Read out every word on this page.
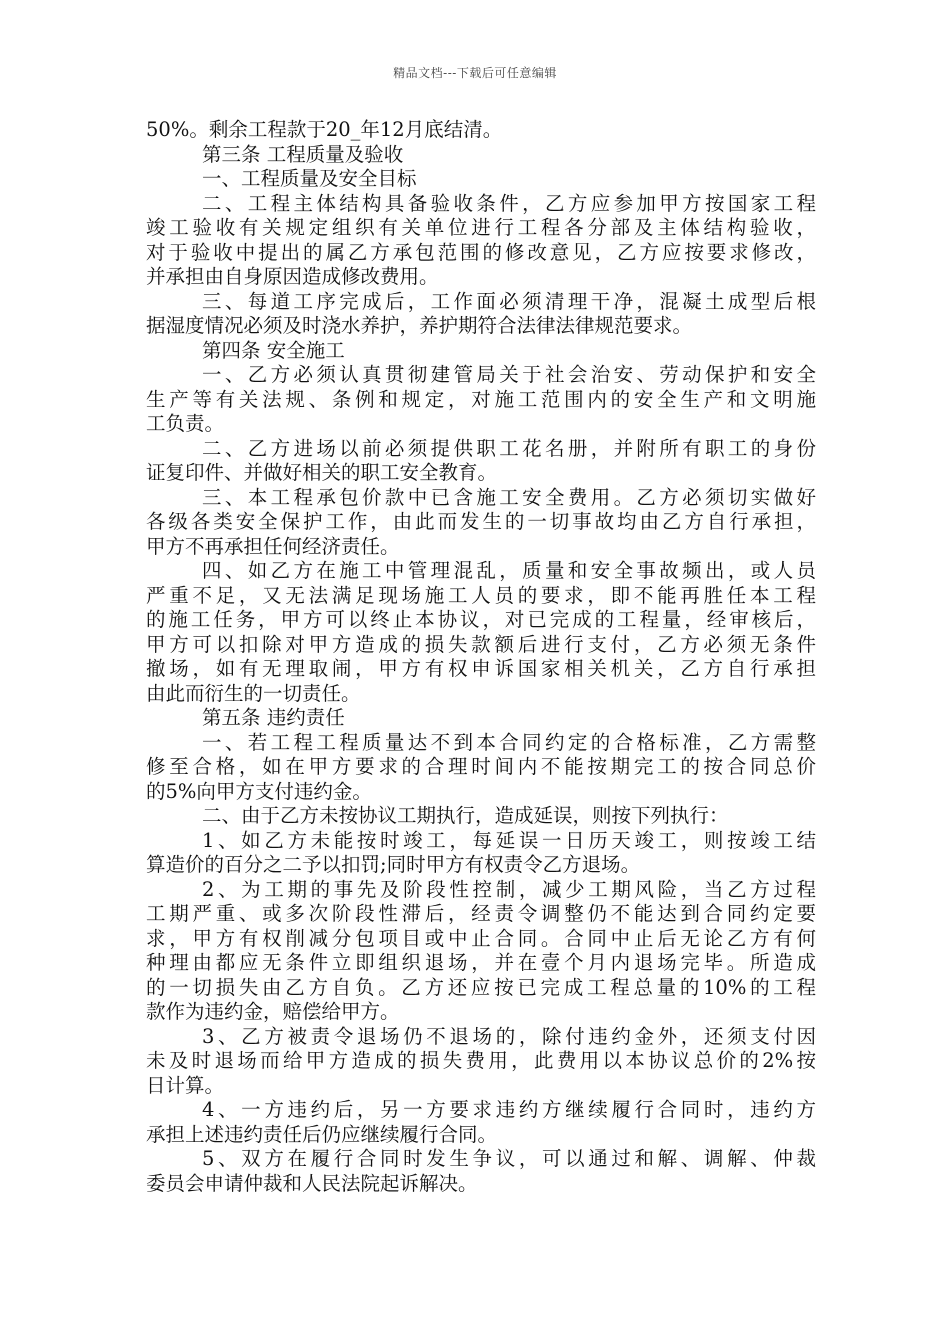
精品文档---下载后可任意编辑
50%。剩余工程款于20_年12月底结清。
第三条 工程质量及验收
一、工程质量及安全目标
二、工程主体结构具备验收条件，乙方应参加甲方按国家工程
竣工验收有关规定组织有关单位进行工程各分部及主体结构验收，
对于验收中提出的属乙方承包范围的修改意见，乙方应按要求修改，
并承担由自身原因造成修改费用。
三、每道工序完成后，工作面必须清理干净，混凝土成型后根
据湿度情况必须及时浇水养护，养护期符合法律法律规范要求。
第四条 安全施工
一、乙方必须认真贯彻建管局关于社会治安、劳动保护和安全
生产等有关法规、条例和规定，对施工范围内的安全生产和文明施
工负责。
二、乙方进场以前必须提供职工花名册，并附所有职工的身份
证复印件、并做好相关的职工安全教育。
三、本工程承包价款中已含施工安全费用。乙方必须切实做好
各级各类安全保护工作，由此而发生的一切事故均由乙方自行承担，
甲方不再承担任何经济责任。
四、如乙方在施工中管理混乱，质量和安全事故频出，或人员
严重不足，又无法满足现场施工人员的要求，即不能再胜任本工程
的施工任务，甲方可以终止本协议，对已完成的工程量，经审核后，
甲方可以扣除对甲方造成的损失款额后进行支付，乙方必须无条件
撤场，如有无理取闹，甲方有权申诉国家相关机关，乙方自行承担
由此而衍生的一切责任。
第五条 违约责任
一、若工程工程质量达不到本合同约定的合格标准，乙方需整
修至合格，如在甲方要求的合理时间内不能按期完工的按合同总价
的5%向甲方支付违约金。
二、由于乙方未按协议工期执行，造成延误，则按下列执行：
1、如乙方未能按时竣工，每延误一日历天竣工，则按竣工结
算造价的百分之二予以扣罚;同时甲方有权责令乙方退场。
2、为工期的事先及阶段性控制，减少工期风险，当乙方过程
工期严重、或多次阶段性滞后，经责令调整仍不能达到合同约定要
求，甲方有权削减分包项目或中止合同。合同中止后无论乙方有何
种理由都应无条件立即组织退场，并在壹个月内退场完毕。所造成
的一切损失由乙方自负。乙方还应按已完成工程总量的10%的工程
款作为违约金，赔偿给甲方。
3、乙方被责令退场仍不退场的，除付违约金外，还须支付因
未及时退场而给甲方造成的损失费用，此费用以本协议总价的2%按
日计算。
4、一方违约后，另一方要求违约方继续履行合同时，违约方
承担上述违约责任后仍应继续履行合同。
5、双方在履行合同时发生争议，可以通过和解、调解、仲裁
委员会申请仲裁和人民法院起诉解决。
